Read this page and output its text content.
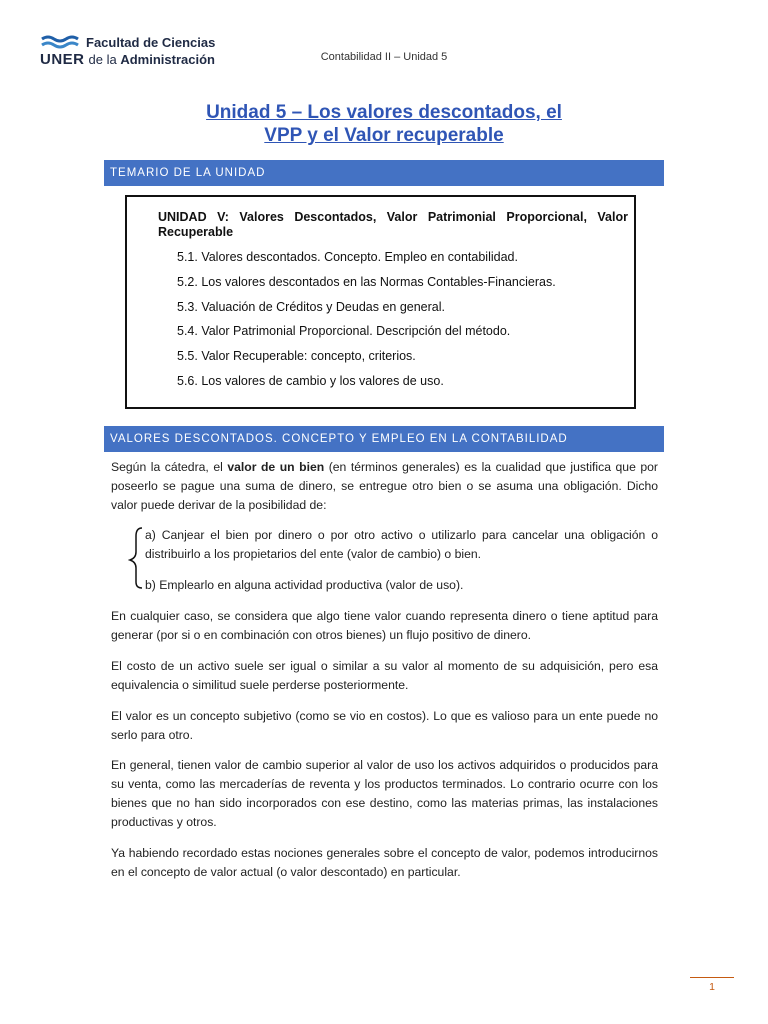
Facultad de Ciencias
UNER de la Administración	Contabilidad II – Unidad 5
Unidad 5 – Los valores descontados, el
VPP y el Valor recuperable
TEMARIO DE LA UNIDAD
UNIDAD V: Valores Descontados, Valor Patrimonial Proporcional, Valor Recuperable
5.1. Valores descontados. Concepto. Empleo en contabilidad.
5.2. Los valores descontados en las Normas Contables-Financieras.
5.3. Valuación de Créditos y Deudas en general.
5.4. Valor Patrimonial Proporcional. Descripción del método.
5.5. Valor Recuperable: concepto, criterios.
5.6. Los valores de cambio y los valores de uso.
VALORES DESCONTADOS. CONCEPTO Y EMPLEO EN LA CONTABILIDAD
Según la cátedra, el valor de un bien (en términos generales) es la cualidad que justifica que por poseerlo se pague una suma de dinero, se entregue otro bien o se asuma una obligación. Dicho valor puede derivar de la posibilidad de:
a) Canjear el bien por dinero o por otro activo o utilizarlo para cancelar una obligación o distribuirlo a los propietarios del ente (valor de cambio) o bien.
b) Emplearlo en alguna actividad productiva (valor de uso).
En cualquier caso, se considera que algo tiene valor cuando representa dinero o tiene aptitud para generar (por si o en combinación con otros bienes) un flujo positivo de dinero.
El costo de un activo suele ser igual o similar a su valor al momento de su adquisición, pero esa equivalencia o similitud suele perderse posteriormente.
El valor es un concepto subjetivo (como se vio en costos). Lo que es valioso para un ente puede no serlo para otro.
En general, tienen valor de cambio superior al valor de uso los activos adquiridos o producidos para su venta, como las mercaderías de reventa y los productos terminados. Lo contrario ocurre con los bienes que no han sido incorporados con ese destino, como las materias primas, las instalaciones productivas y otros.
Ya habiendo recordado estas nociones generales sobre el concepto de valor, podemos introducirnos en el concepto de valor actual (o valor descontado) en particular.
1
